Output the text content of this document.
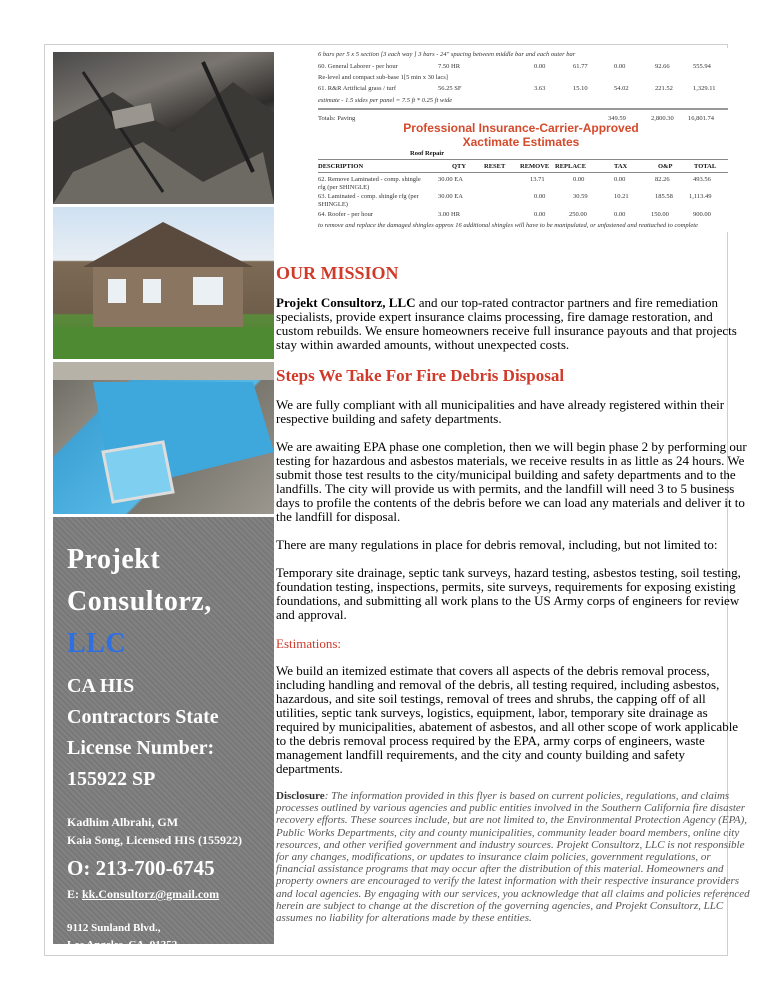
Projekt
Consultorz,
LLC
CA HIS
Contractors State
License Number:
155922 SP
Kadhim Albrahi, GM
Kaia Song, Licensed HIS (155922)
O: 213-700-6745
E: kk.Consultorz@gmail.com
9112 Sunland Blvd.,
Los Angeles, CA, 91352
6 bars per 5 x 5 section [3 each way ] 3 bars - 24" spacing between middle bar and each outer bar
60. General Laborer - per hour	7.50 HR	0.00	61.77	0.00	92.66	555.94
Re-level and compact sub-base 1[5 min x 30 lacs]
61. R&R Artificial grass / turf	56.25 SF	3.63	15.10	54.02	221.52	1,329.11
estimate - 1.5 sides per panel = 7.5 ft * 0.25 ft wide
Totals: Paving	349.59	2,800.30 16,801.74
Professional Insurance-Carrier-Approved
Xactimate Estimates
Roof Repair
DESCRIPTION	QTY	RESET REMOVE REPLACE	TAX	O&P	TOTAL
62. Remove Laminated - comp. shingle rfg (per SHINGLE)
30.00 EA	13.71	0.00	0.00	82.26	493.56
63. Laminated - comp. shingle rfg (per SHINGLE)
30.00 EA	0.00	30.59	10.21	185.58 1,113.49
64. Roofer - per hour	3.00 HR	0.00	250.00	0.00	150.00	900.00
to remove and replace the damaged shingles approx 16 additional shingles will have to be manipulated, or unfastened and reattached to complete
OUR MISSION
Projekt Consultorz, LLC and our top-rated contractor partners and fire remediation specialists, provide expert insurance claims processing, fire damage restoration, and custom rebuilds. We ensure homeowners receive full insurance payouts and that projects stay within awarded amounts, without unexpected costs.
Steps We Take For Fire Debris Disposal
We are fully compliant with all municipalities and have already registered within their respective building and safety departments.
We are awaiting EPA phase one completion, then we will begin phase 2 by performing our testing for hazardous and asbestos materials, we receive results in as little as 24 hours. We submit those test results to the city/municipal building and safety departments and to the landfills. The city will provide us with permits, and the landfill will need 3 to 5 business days to profile the contents of the debris before we can load any materials and deliver it to the landfill for disposal.
There are many regulations in place for debris removal, including, but not limited to:
Temporary site drainage, septic tank surveys, hazard testing, asbestos testing, soil testing, foundation testing, inspections, permits, site surveys, requirements for exposing existing foundations, and submitting all work plans to the US Army corps of engineers for review and approval.
Estimations:
We build an itemized estimate that covers all aspects of the debris removal process, including handling and removal of the debris, all testing required, including asbestos, hazardous, and site soil testings, removal of trees and shrubs, the capping off of all utilities, septic tank surveys, logistics, equipment, labor, temporary site drainage as required by municipalities, abatement of asbestos, and all other scope of work applicable to the debris removal process required by the EPA, army corps of engineers, waste management landfill requirements, and the city and county building and safety departments.
Disclosure: The information provided in this flyer is based on current policies, regulations, and claims processes outlined by various agencies and public entities involved in the Southern California fire disaster recovery efforts. These sources include, but are not limited to, the Environmental Protection Agency (EPA), Public Works Departments, city and county municipalities, community leader board members, online city resources, and other verified government and industry sources. Projekt Consultorz, LLC is not responsible for any changes, modifications, or updates to insurance claim policies, government regulations, or financial assistance programs that may occur after the distribution of this material. Homeowners and property owners are encouraged to verify the latest information with their respective insurance providers and local agencies. By engaging with our services, you acknowledge that all claims and policies referenced herein are subject to change at the discretion of the governing agencies, and Projekt Consultorz, LLC assumes no liability for alterations made by these entities.
